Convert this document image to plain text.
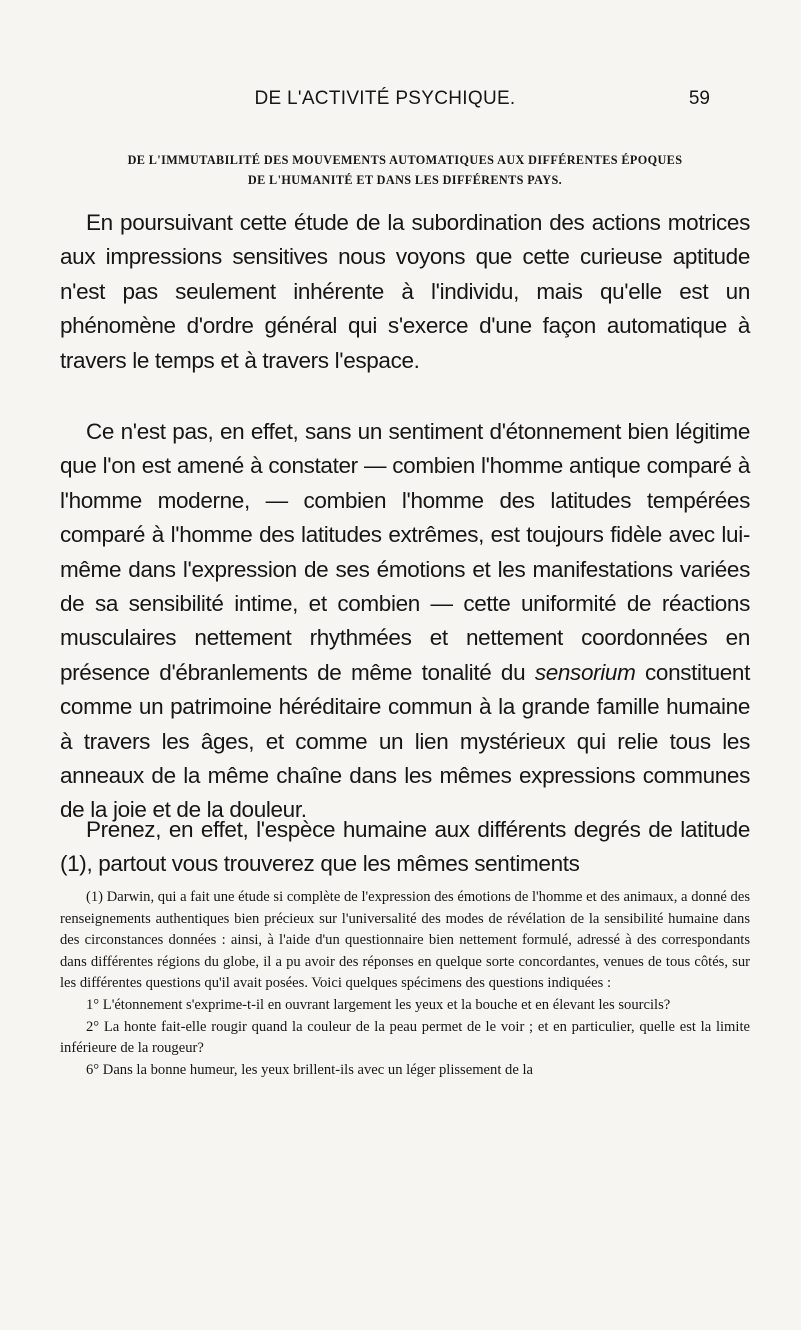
DE L'ACTIVITÉ PSYCHIQUE.	59
DE L'IMMUTABILITÉ DES MOUVEMENTS AUTOMATIQUES AUX DIFFÉRENTES ÉPOQUES
DE L'HUMANITÉ ET DANS LES DIFFÉRENTS PAYS.

En poursuivant cette étude de la subordination des actions motrices aux impressions sensitives nous voyons que cette curieuse aptitude n'est pas seulement inhérente à l'individu, mais qu'elle est un phénomène d'ordre général qui s'exerce d'une façon automatique à travers le temps et à travers l'espace.

Ce n'est pas, en effet, sans un sentiment d'étonnement bien légitime que l'on est amené à constater — combien l'homme antique comparé à l'homme moderne, — combien l'homme des latitudes tempérées comparé à l'homme des latitudes extrêmes, est toujours fidèle avec lui-même dans l'expression de ses émotions et les manifestations variées de sa sensibilité intime, et combien — cette uniformité de réactions musculaires nettement rhythmées et nettement coordonnées en présence d'ébranlements de même tonalité du sensorium constituent comme un patrimoine héréditaire commun à la grande famille humaine à travers les âges, et comme un lien mystérieux qui relie tous les anneaux de la même chaîne dans les mêmes expressions communes de la joie et de la douleur.

Prenez, en effet, l'espèce humaine aux différents degrés de latitude (1), partout vous trouverez que les mêmes sentiments

(1) Darwin, qui a fait une étude si complète de l'expression des émotions de l'homme et des animaux, a donné des renseignements authentiques bien précieux sur l'universalité des modes de révélation de la sensibilité humaine dans des circonstances données : ainsi, à l'aide d'un questionnaire bien nettement formulé, adressé à des correspondants dans différentes régions du globe, il a pu avoir des réponses en quelque sorte concordantes, venues de tous côtés, sur les différentes questions qu'il avait posées. Voici quelques spécimens des questions indiquées :

1° L'étonnement s'exprime-t-il en ouvrant largement les yeux et la bouche et en élevant les sourcils?

2° La honte fait-elle rougir quand la couleur de la peau permet de le voir ; et en particulier, quelle est la limite inférieure de la rougeur?

6° Dans la bonne humeur, les yeux brillent-ils avec un léger plissement de la
